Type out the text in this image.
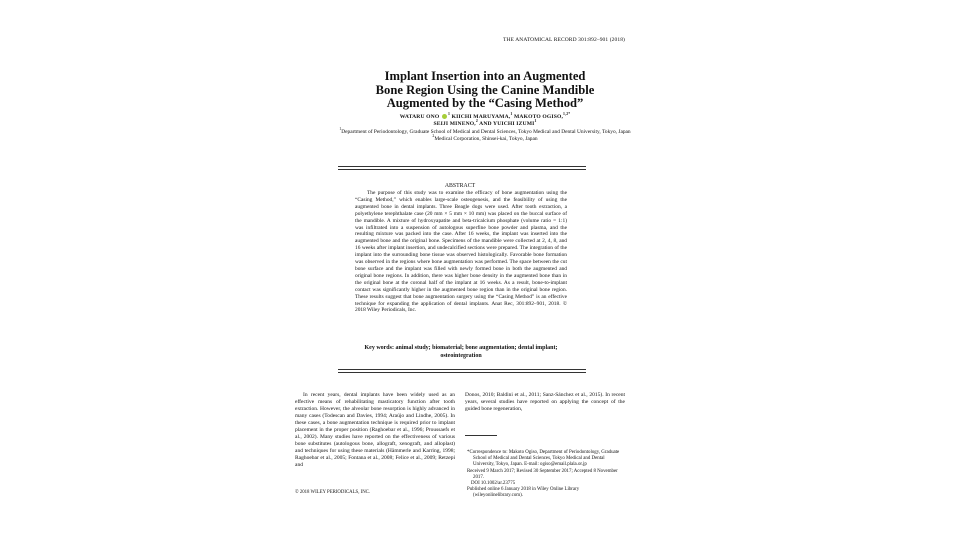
THE ANATOMICAL RECORD 301:892–901 (2018)
Implant Insertion into an Augmented
Bone Region Using the Canine Mandible
Augmented by the “Casing Method”
WATARU ONO $^1$ KIICHI MARUYAMA,$^1$ MAKOTO OGISO,$^{1,2*}$
SEIJI MINENO,$^2$ AND YUICHI IZUMI$^1$
$^1$Department of Periodontology, Graduate School of Medical and Dental Sciences, Tokyo Medical and Dental University, Tokyo, Japan
$^2$Medical Corporation, Shinsei-kai, Tokyo, Japan
ABSTRACT
The purpose of this study was to examine the efficacy of bone augmentation using the “Casing Method,” which enables large-scale osteogenesis, and the feasibility of using the augmented bone in dental implants. Three Beagle dogs were used. After tooth extraction, a polyethylene terephthalate case (20 mm × 5 mm × 10 mm) was placed on the buccal surface of the mandible. A mixture of hydroxyapatite and beta-tricalcium phosphate (volume ratio = 1:1) was infiltrated into a suspension of autologous superfine bone powder and plasma, and the resulting mixture was packed into the case. After 16 weeks, the implant was inserted into the augmented bone and the original bone. Specimens of the mandible were collected at 2, 4, 8, and 16 weeks after implant insertion, and undecalcified sections were prepared. The integration of the implant into the surrounding bone tissue was observed histologically. Favorable bone formation was observed in the regions where bone augmentation was performed. The space between the cut bone surface and the implant was filled with newly formed bone in both the augmented and original bone regions. In addition, there was higher bone density in the augmented bone than in the original bone at the coronal half of the implant at 16 weeks. As a result, bone-to-implant contact was significantly higher in the augmented bone region than in the original bone region. These results suggest that bone augmentation surgery using the “Casing Method” is an effective technique for expanding the application of dental implants. Anat Rec, 301:892–901, 2018. © 2018 Wiley Periodicals, Inc.
Key words: animal study; biomaterial; bone augmentation; dental implant; osteointegration
In recent years, dental implants have been widely used as an effective means of rehabilitating masticatory function after tooth extraction. However, the alveolar bone resorption is highly advanced in many cases (Todescan and Davies, 1994; Araújo and Lindhe, 2005). In these cases, a bone augmentation technique is required prior to implant placement in the proper position (Raghoebar et al., 1996; Proussaefs et al., 2002). Many studies have reported on the effectiveness of various bone substitutes (autologous bone, allograft, xenograft, and alloplast) and techniques for using these materials (Hämmerle and Karring, 1998; Raghoebar et al., 2005; Fontana et al., 2008; Felice et al., 2009; Retzepi and
Donos, 2010; Baldini et al., 2011; Sanz-Sánchez et al., 2015). In recent years, several studies have reported on applying the concept of the guided bone regeneration,

*Correspondence to: Makoto Ogiso, Department of Periodontology, Graduate School of Medical and Dental Sciences, Tokyo Medical and Dental University, Tokyo, Japan. E-mail: ogiso@email.plala.or.jp

Received 9 March 2017; Revised 30 September 2017; Accepted 8 November 2017.

DOI 10.1002/ar.23775

Published online 6 January 2018 in Wiley Online Library (wileyonlinelibrary.com).

© 2018 WILEY PERIODICALS, INC.
